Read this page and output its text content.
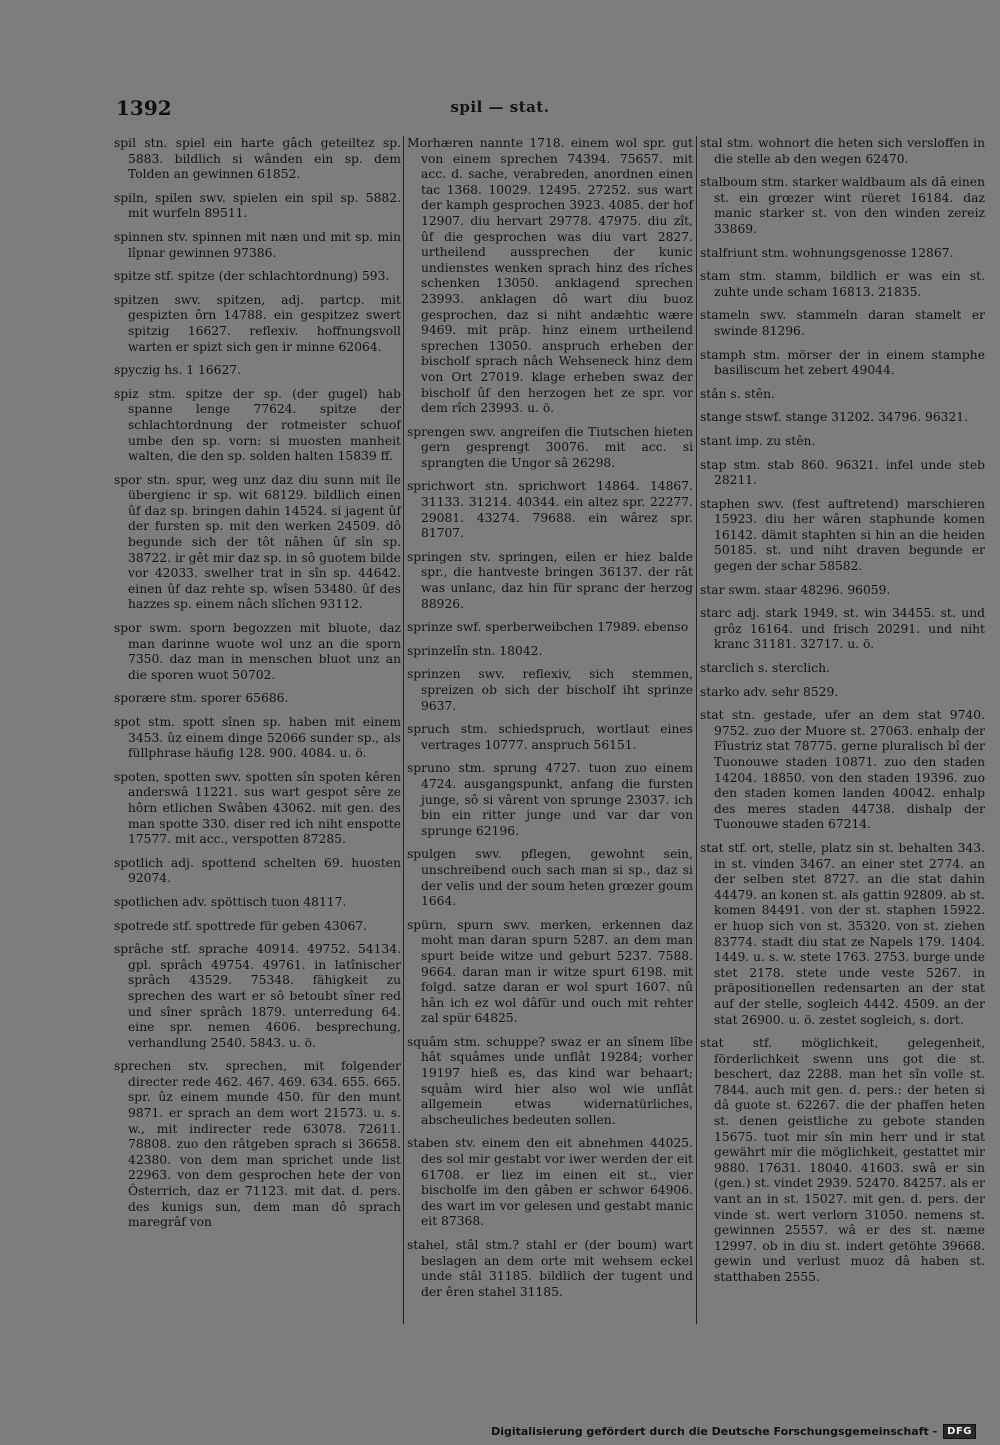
1392	spil — stat.

spil stn. spiel ein harte gâch geteiltez sp. 5883. bildlich si wânden ein sp. dem Tolden an gewinnen 61852.

spiln, spilen swv. spielen ein spil sp. 5882. mit wurfeln 89511.

spinnen stv. spinnen mit næn und mit sp. min lîpnar gewinnen 97386.

spitze stf. spitze (der schlachtordnung) 593.

spitzen swv. spitzen, adj. partcp. mit gespizten ôrn 14788. ein gespitzez swert spitzig 16627. reflexiv. hoffnungsvoll warten er spizt sich gen ir minne 62064.

spyczig hs. 1 16627.

spiz stm. spitze der sp. (der gugel) hab spanne lenge 77624. spitze der schlachtordnung der rotmeister schuof umbe den sp. vorn: si muosten manheit walten, die den sp. solden halten 15839 ff.

spor stn. spur, weg unz daz diu sunn mit île übergienc ir sp. wit 68129. bildlich einen ûf daz sp. bringen dahin 14524. si jagent ûf der fursten sp. mit den werken 24509. dô begunde sich der tôt nâhen ûf sîn sp. 38722. ir gêt mir daz sp. in sô guotem bilde vor 42033. swelher trat in sîn sp. 44642. einen ûf daz rehte sp. wîsen 53480. ûf des hazzes sp. einem nâch slîchen 93112.

spor swm. sporn begozzen mit bluote, daz man darinne wuote wol unz an die sporn 7350. daz man in menschen bluot unz an die sporen wuot 50702.

sporære stm. sporer 65686.

spot stm. spott sînen sp. haben mit einem 3453. ûz einem dinge 52066 sunder sp., als füllphrase häufig 128. 900. 4084. u. ö.

spoten, spotten swv. spotten sîn spoten kêren anderswâ 11221. sus wart gespot sêre ze hôrn etlichen Swâben 43062. mit gen. des man spotte 330. diser red ich niht enspotte 17577. mit acc., verspotten 87285.

spotlich adj. spottend schelten 69. huosten 92074.

spotlichen adv. spöttisch tuon 48117.

spotrede stf. spottrede für geben 43067.

sprâche stf. sprache 40914. 49752. 54134. gpl. sprâch 49754. 49761. in latînischer sprâch 43529. 75348. fähigkeit zu sprechen des wart er sô betoubt sîner red und sîner sprâch 1879. unterredung 64. eine spr. nemen 4606. besprechung, verhandlung 2540. 5843. u. ö.

sprechen stv. sprechen, mit folgender directer rede 462. 467. 469. 634. 655. 665. spr. ûz einem munde 450. für den munt 9871. er sprach an dem wort 21573. u. s. w., mit indirecter rede 63078. 72611. 78808. zuo den râtgeben sprach si 36658. 42380. von dem man sprichet unde list 22963. von dem gesprochen hete der von Ôsterrich, daz er 71123. mit dat. d. pers. des kunigs sun, dem man dô sprach maregrâf von

Morhæren nannte 1718. einem wol spr. gut von einem sprechen 74394. 75657. mit acc. d. sache, verabreden, anordnen einen tac 1368. 10029. 12495. 27252. sus wart der kamph gesprochen 3923. 4085. der hof 12907. diu hervart 29778. 47975. diu zît, ûf die gesprochen was diu vart 2827. urtheilend aussprechen der kunic undienstes wenken sprach hinz des rîches schenken 13050. anklagend sprechen 23993. anklagen dô wart diu buoz gesprochen, daz si niht andæhtic wære 9469. mit präp. hinz einem urtheilend sprechen 13050. anspruch erheben der bischolf sprach nâch Wehseneck hinz dem von Ort 27019. klage erheben swaz der bischolf ûf den herzogen het ze spr. vor dem rîch 23993. u. ö.

sprengen swv. angreifen die Tiutschen hieten gern gesprengt 30076. mit acc. si sprangten die Ungor sâ 26298.

sprichwort stn. sprichwort 14864. 14867. 31133. 31214. 40344. ein altez spr. 22277. 29081. 43274. 79688. ein wârez spr. 81707.

springen stv. springen, eilen er hiez balde spr., die hantveste bringen 36137. der rât was unlanc, daz hin für spranc der herzog 88926.

sprinze swf. sperberweibchen 17989. ebenso

sprinzelîn stn. 18042.

sprinzen swv. reflexiv, sich stemmen, spreizen ob sich der bischolf iht sprinze 9637.

spruch stm. schiedspruch, wortlaut eines vertrages 10777. anspruch 56151.

spruno stm. sprung 4727. tuon zuo einem 4724. ausgangspunkt, anfang die fursten junge, sô si vârent von sprunge 23037. ich bin ein ritter junge und var dar von sprunge 62196.

spulgen swv. pflegen, gewohnt sein, unschreibend ouch sach man si sp., daz si der velis und der soum heten grœzer goum 1664.

spürn, spurn swv. merken, erkennen daz moht man daran spurn 5287. an dem man spurt beide witze und geburt 5237. 7588. 9664. daran man ir witze spurt 6198. mit folgd. satze daran er wol spurt 1607. nû hân ich ez wol dâfür und ouch mit rehter zal spür 64825.

squâm stm. schuppe? swaz er an sînem lîbe hât squâmes unde unflât 19284; vorher 19197 hieß es, das kind war behaart; squâm wird hier also wol wie unflât allgemein etwas widernatürliches, abscheuliches bedeuten sollen.

staben stv. einem den eit abnehmen 44025. des sol mir gestabt vor iwer werden der eit 61708. er liez im einen eit st., vier bischolfe im den gâben er schwor 64906. des wart im vor gelesen und gestabt manic eit 87368.

stahel, stâl stm.? stahl er (der boum) wart beslagen an dem orte mit wehsem eckel unde stâl 31185. bildlich der tugent und der êren stahel 31185.

stal stm. wohnort die heten sich versloffen in die stelle ab den wegen 62470.

stalboum stm. starker waldbaum als dâ einen st. ein grœzer wint rüeret 16184. daz manic starker st. von den winden zereiz 33869.

stalfriunt stm. wohnungsgenosse 12867.

stam stm. stamm, bildlich er was ein st. zuhte unde scham 16813. 21835.

stameln swv. stammeln daran stamelt er swinde 81296.

stamph stm. mörser der in einem stamphe basiliscum het zebert 49044.

stân s. stên.

stange stswf. stange 31202. 34796. 96321.

stant imp. zu stên.

stap stm. stab 860. 96321. infel unde steb 28211.

staphen swv. (fest auftretend) marschieren 15923. diu her wâren staphunde komen 16142. dämit staphten si hin an die heiden 50185. st. und niht draven begunde er gegen der schar 58582.

star swm. staar 48296. 96059.

starc adj. stark 1949. st. win 34455. st. und grôz 16164. und frisch 20291. und niht kranc 31181. 32717. u. ö.

starclich s. sterclich.

starko adv. sehr 8529.

stat stn. gestade, ufer an dem stat 9740. 9752. zuo der Muore st. 27063. enhalp der Fîustriz stat 78775. gerne pluralisch bî der Tuonouwe staden 10871. zuo den staden 14204. 18850. von den staden 19396. zuo den staden komen landen 40042. enhalp des meres staden 44738. dishalp der Tuonouwe staden 67214.

stat stf. ort, stelle, platz sin st. behalten 343. in st. vinden 3467. an einer stet 2774. an der selben stet 8727. an die stat dahin 44479. an konen st. als gattin 92809. ab st. komen 84491. von der st. staphen 15922. er huop sich von st. 35320. von st. ziehen 83774. stadt diu stat ze Napels 179. 1404. 1449. u. s. w. stete 1763. 2753. burge unde stet 2178. stete unde veste 5267. in präpositionellen redensarten an der stat auf der stelle, sogleich 4442. 4509. an der stat 26900. u. ö. zestet sogleich, s. dort.

stat stf. möglichkeit, gelegenheit, förderlichkeit swenn uns got die st. beschert, daz 2288. man het sîn volle st. 7844. auch mit gen. d. pers.: der heten si dâ guote st. 62267. die der phaffen heten st. denen geistliche zu gebote standen 15675. tuot mir sîn min herr und ir stat gewährt mir die möglichkeit, gestattet mir 9880. 17631. 18040. 41603. swâ er sin (gen.) st. vindet 2939. 52470. 84257. als er vant an in st. 15027. mit gen. d. pers. der vinde st. wert verlorn 31050. nemens st. gewinnen 25557. wâ er des st. næme 12997. ob in diu st. indert getöhte 39668. gewin und verlust muoz dâ haben st. statthaben 2555.

Digitalisierung gefördert durch die Deutsche Forschungsgemeinschaft -	DFG
